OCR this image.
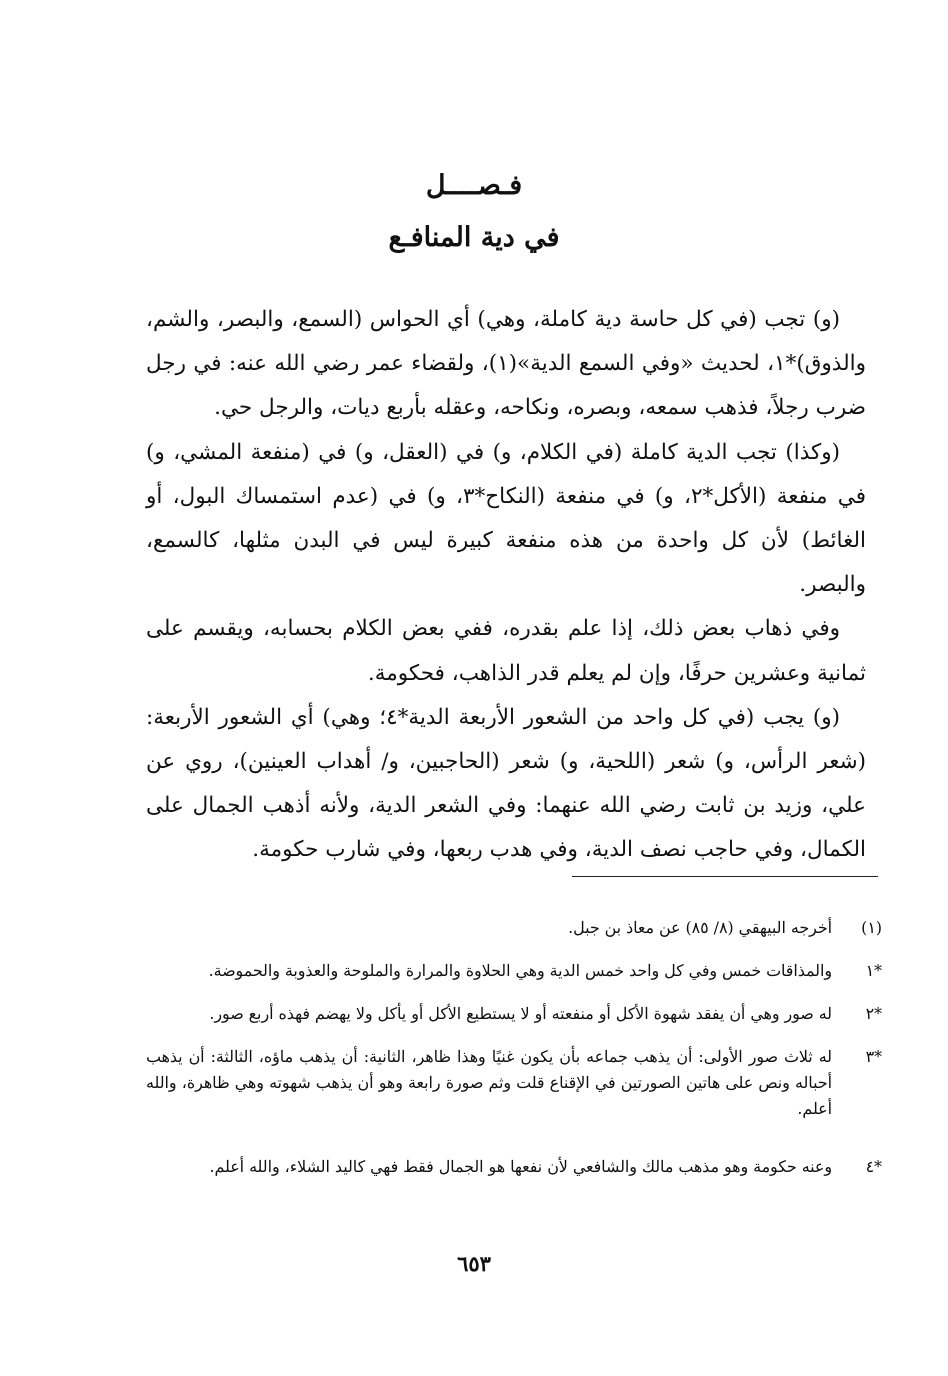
فـصــــل
في دية المنافـع

(و) تجب (في كل حاسة دية كاملة، وهي) أي الحواس (السمع، والبصر، والشم، والذوق)*١، لحديث «وفي السمع الدية»(١)، ولقضاء عمر رضي الله عنه: في رجل ضرب رجلاً، فذهب سمعه، وبصره، ونكاحه، وعقله بأربع ديات، والرجل حي.

(وكذا) تجب الدية كاملة (في الكلام، و) في (العقل، و) في (منفعة المشي، و) في منفعة (الأكل*٢، و) في منفعة (النكاح*٣، و) في (عدم استمساك البول، أو الغائط) لأن كل واحدة من هذه منفعة كبيرة ليس في البدن مثلها، كالسمع، والبصر.

وفي ذهاب بعض ذلك، إذا علم بقدره، ففي بعض الكلام بحسابه، ويقسم على ثمانية وعشرين حرفًا، وإن لم يعلم قدر الذاهب، فحكومة.

(و) يجب (في كل واحد من الشعور الأربعة الدية*٤؛ وهي) أي الشعور الأربعة: (شعر الرأس، و) شعر (اللحية، و) شعر (الحاجبين، و/ أهداب العينين)، روي عن علي، وزيد بن ثابت رضي الله عنهما: وفي الشعر الدية، ولأنه أذهب الجمال على الكمال، وفي حاجب نصف الدية، وفي هدب ربعها، وفي شارب حكومة.

(١)
أخرجه البيهقي (٨/ ٨٥) عن معاذ بن جبل.
*١
والمذاقات خمس وفي كل واحد خمس الدية وهي الحلاوة والمرارة والملوحة والعذوبة والحموضة.
*٢
له صور وهي أن يفقد شهوة الأكل أو منفعته أو لا يستطيع الأكل أو يأكل ولا يهضم فهذه أربع صور.
*٣
له ثلاث صور الأولى: أن يذهب جماعه بأن يكون غنيًا وهذا ظاهر، الثانية: أن يذهب ماؤه، الثالثة: أن يذهب أحباله ونص على هاتين الصورتين في الإقناع قلت وثم صورة رابعة وهو أن يذهب شهوته وهي ظاهرة، والله أعلم.
*٤
وعنه حكومة وهو مذهب مالك والشافعي لأن نفعها هو الجمال فقط فهي كاليد الشلاء، والله أعلم.
٦٥٣
